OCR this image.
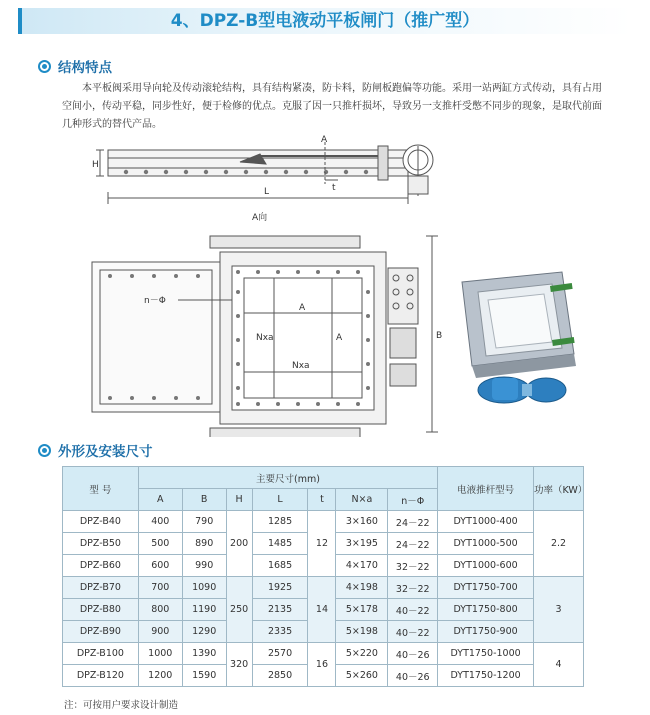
4、DPZ-B型电液动平板闸门（推广型）
结构特点
本平板阀采用导向轮及传动滚轮结构，具有结构紧凑，防卡料，防闸板跑偏等功能。采用一站两缸方式传动，具有占用空间小，传动平稳，同步性好，便于检修的优点。克服了因一只推杆损坏，导致另一支推杆受憋不同步的现象，是取代前面几种形式的替代产品。
H
A
t
L
A向
n－Φ
A
A
Nxa
Nxa
B
外形及安装尺寸
型 号	主要尺寸(mm)							电液推杆型号	功率（KW）
	A	B	H	L	t	N×a	n－Φ		
DPZ-B40	400	790	200	1285	12	3×160	24－22	DYT1000-400	2.2
DPZ-B50	500	890		1485		3×195	24－22	DYT1000-500	
DPZ-B60	600	990		1685		4×170	32－22	DYT1000-600	
DPZ-B70	700	1090	250	1925	14	4×198	32－22	DYT1750-700	3
DPZ-B80	800	1190		2135		5×178	40－22	DYT1750-800	
DPZ-B90	900	1290		2335		5×198	40－22	DYT1750-900	
DPZ-B100	1000	1390	320	2570	16	5×220	40－26	DYT1750-1000	4
DPZ-B120	1200	1590		2850		5×260	40－26	DYT1750-1200	
注：可按用户要求设计制造
